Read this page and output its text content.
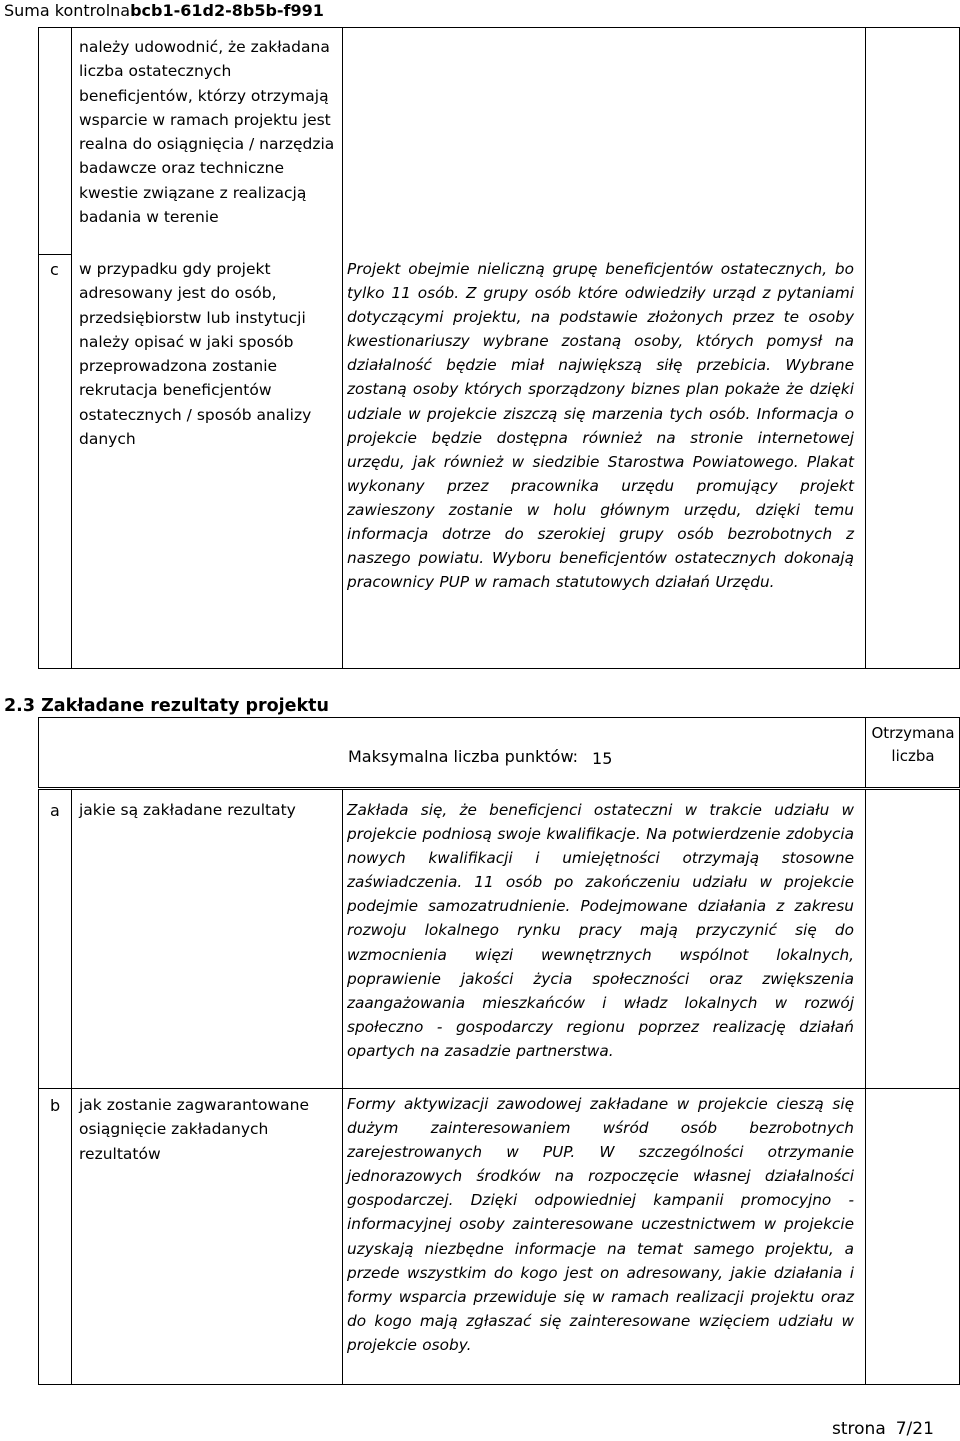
Suma kontrolnabcb1-61d2-8b5b-f991
należy udowodnić, że zakładana liczba ostatecznych beneficjentów, którzy otrzymają wsparcie w ramach projektu jest realna do osiągnięcia / narzędzia badawcze oraz techniczne kwestie związane z realizacją badania w terenie
c w przypadku gdy projekt adresowany jest do osób, przedsiębiorstw lub instytucji należy opisać w jaki sposób przeprowadzona zostanie rekrutacja beneficjentów ostatecznych / sposób analizy danych
Projekt obejmie nieliczną grupę beneficjentów ostatecznych, bo tylko 11 osób. Z grupy osób które odwiedziły urząd z pytaniami dotyczącymi projektu, na podstawie złożonych przez te osoby kwestionariuszy wybrane zostaną osoby, których pomysł na działalność będzie miał największą siłę przebicia. Wybrane zostaną osoby których sporządzony biznes plan pokaże że dzięki udziale w projekcie ziszczą się marzenia tych osób. Informacja o projekcie będzie dostępna również na stronie internetowej urzędu, jak również w siedzibie Starostwa Powiatowego. Plakat wykonany przez pracownika urzędu promujący projekt zawieszony zostanie w holu głównym urzędu, dzięki temu informacja dotrze do szerokiej grupy osób bezrobotnych z naszego powiatu. Wyboru beneficjentów ostatecznych dokonają pracownicy PUP w ramach statutowych działań Urzędu.
2.3 Zakładane rezultaty projektu
Maksymalna liczba punktów: 15
Otrzymana liczba
a jakie są zakładane rezultaty	Zakłada się, że beneficjenci ostateczni w trakcie udziału w projekcie podniosą swoje kwalifikacje. Na potwierdzenie zdobycia nowych kwalifikacji i umiejętności otrzymają stosowne zaświadczenia. 11 osób po zakończeniu udziału w projekcie podejmie samozatrudnienie. Podejmowane działania z zakresu rozwoju lokalnego rynku pracy mają przyczynić się do wzmocnienia więzi wewnętrznych wspólnot lokalnych, poprawienie jakości życia społeczności oraz zwiększenia zaangażowania mieszkańców i władz lokalnych w rozwój społeczno - gospodarczy regionu poprzez realizację działań opartych na zasadzie partnerstwa.
b jak zostanie zagwarantowane osiągnięcie zakładanych rezultatów
Formy aktywizacji zawodowej zakładane w projekcie cieszą się dużym zainteresowaniem wśród osób bezrobotnych zarejestrowanych w PUP. W szczególności otrzymanie jednorazowych środków na rozpoczęcie własnej działalności gospodarczej. Dzięki odpowiedniej kampanii promocyjno - informacyjnej osoby zainteresowane uczestnictwem w projekcie uzyskają niezbędne informacje na temat samego projektu, a przede wszystkim do kogo jest on adresowany, jakie działania i formy wsparcia przewiduje się w ramach realizacji projektu oraz do kogo mają zgłaszać się zainteresowane wzięciem udziału w projekcie osoby.
strona 7/21
